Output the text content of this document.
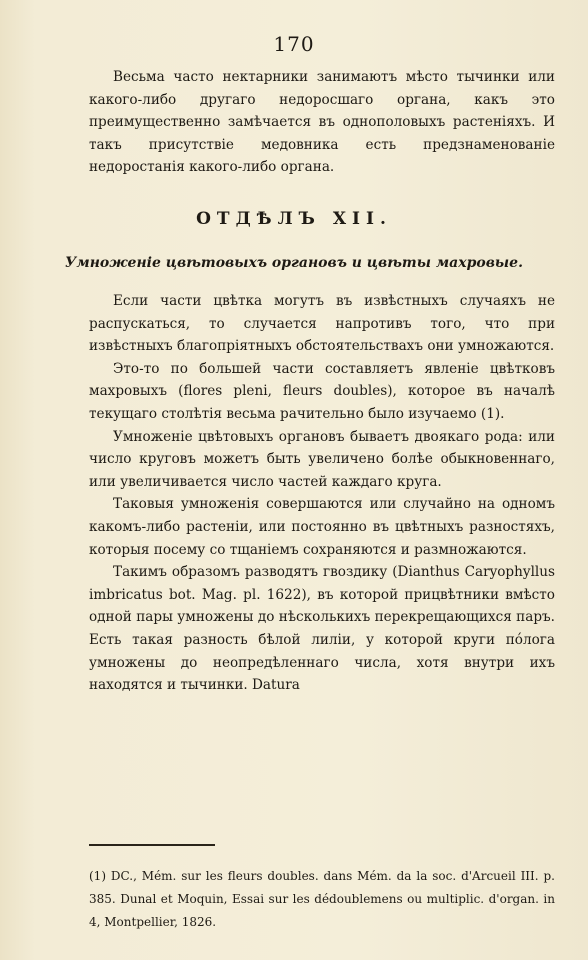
170

Весьма часто нектарники занимаютъ мѣсто тычинки или какого-либо другаго недоросшаго органа, какъ это преимущественно замѣчается въ однополовыхъ растеніяхъ. И такъ присутствіе медовника есть предзнаменованіе недоростанія какого-либо органа.

ОТДѢЛЪ XII.
Умноженіе цвѣтовыхъ органовъ и цвѣты махровые.

Если части цвѣтка могутъ въ извѣстныхъ случаяхъ не распускаться, то случается напротивъ того, что при извѣстныхъ благопріятныхъ обстоятельствахъ они умножаются.

Это-то по большей части составляетъ явленіе цвѣтковъ махровыхъ (flores pleni, fleurs doubles), которое въ началѣ текущаго столѣтія весьма рачительно было изучаемо (1).

Умноженіе цвѣтовыхъ органовъ бываетъ двоякаго рода: или число круговъ можетъ быть увеличено болѣе обыкновеннаго, или увеличивается число частей каждаго круга.

Таковыя умноженія совершаются или случайно на одномъ какомъ-либо растеніи, или постоянно въ цвѣтныхъ разностяхъ, которыя посему со тщаніемъ сохраняются и размножаются.

Такимъ образомъ разводятъ гвоздику (Dianthus Caryophyllus imbricatus bot. Mag. pl. 1622), въ которой прицвѣтники вмѣсто одной пары умножены до нѣсколькихъ перекрещающихся паръ. Есть такая разность бѣлой лиліи, у которой круги пóлога умножены до неопредѣленнаго числа, хотя внутри ихъ находятся и тычинки. Datura

(1) DC., Mém. sur les fleurs doubles. dans Mém. da la soc. d'Arcueil III. p. 385. Dunal et Moquin, Essai sur les dédoublemens ou multiplic. d'organ. in 4, Montpellier, 1826.
